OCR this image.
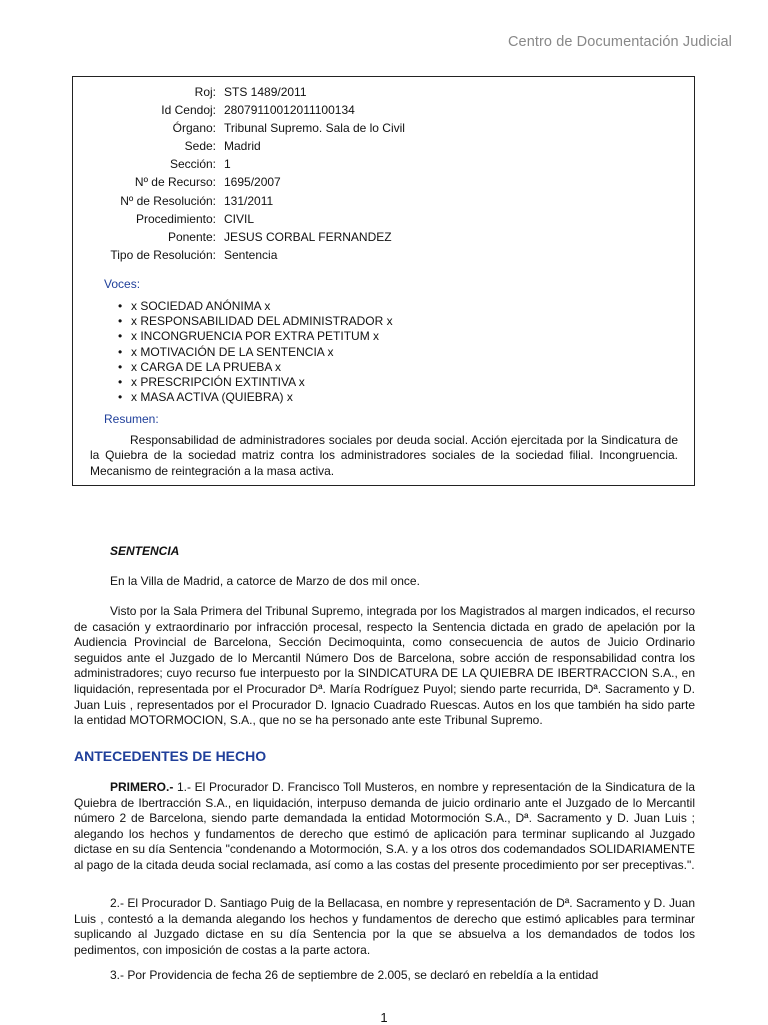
Centro de Documentación Judicial
Roj: STS 1489/2011
Id Cendoj: 28079110012011100134
Órgano: Tribunal Supremo. Sala de lo Civil
Sede: Madrid
Sección: 1
Nº de Recurso: 1695/2007
Nº de Resolución: 131/2011
Procedimiento: CIVIL
Ponente: JESUS CORBAL FERNANDEZ
Tipo de Resolución: Sentencia
Voces:
• x SOCIEDAD ANÓNIMA x
• x RESPONSABILIDAD DEL ADMINISTRADOR x
• x INCONGRUENCIA POR EXTRA PETITUM x
• x MOTIVACIÓN DE LA SENTENCIA x
• x CARGA DE LA PRUEBA x
• x PRESCRIPCIÓN EXTINTIVA x
• x MASA ACTIVA (QUIEBRA) x
Resumen:

Responsabilidad de administradores sociales por deuda social. Acción ejercitada por la Sindicatura de la Quiebra de la sociedad matriz contra los administradores sociales de la sociedad filial. Incongruencia. Mecanismo de reintegración a la masa activa.

SENTENCIA

En la Villa de Madrid, a catorce de Marzo de dos mil once.

Visto por la Sala Primera del Tribunal Supremo, integrada por los Magistrados al margen indicados, el recurso de casación y extraordinario por infracción procesal, respecto la Sentencia dictada en grado de apelación por la Audiencia Provincial de Barcelona, Sección Decimoquinta, como consecuencia de autos de Juicio Ordinario seguidos ante el Juzgado de lo Mercantil Número Dos de Barcelona, sobre acción de responsabilidad contra los administradores; cuyo recurso fue interpuesto por la SINDICATURA DE LA QUIEBRA DE IBERTRACCION S.A., en liquidación, representada por el Procurador Dª. María Rodríguez Puyol; siendo parte recurrida, Dª. Sacramento y D. Juan Luis , representados por el Procurador D. Ignacio Cuadrado Ruescas. Autos en los que también ha sido parte la entidad MOTORMOCION, S.A., que no se ha personado ante este Tribunal Supremo.

ANTECEDENTES DE HECHO

PRIMERO.- 1.- El Procurador D. Francisco Toll Musteros, en nombre y representación de la Sindicatura de la Quiebra de Ibertracción S.A., en liquidación, interpuso demanda de juicio ordinario ante el Juzgado de lo Mercantil número 2 de Barcelona, siendo parte demandada la entidad Motormoción S.A., Dª. Sacramento y D. Juan Luis ; alegando los hechos y fundamentos de derecho que estimó de aplicación para terminar suplicando al Juzgado dictase en su día Sentencia "condenando a Motormoción, S.A. y a los otros dos codemandados SOLIDARIAMENTE al pago de la citada deuda social reclamada, así como a las costas del presente procedimiento por ser preceptivas.".

2.- El Procurador D. Santiago Puig de la Bellacasa, en nombre y representación de Dª. Sacramento y D. Juan Luis , contestó a la demanda alegando los hechos y fundamentos de derecho que estimó aplicables para terminar suplicando al Juzgado dictase en su día Sentencia por la que se absuelva a los demandados de todos los pedimentos, con imposición de costas a la parte actora.

3.- Por Providencia de fecha 26 de septiembre de 2.005, se declaró en rebeldía a la entidad

1
